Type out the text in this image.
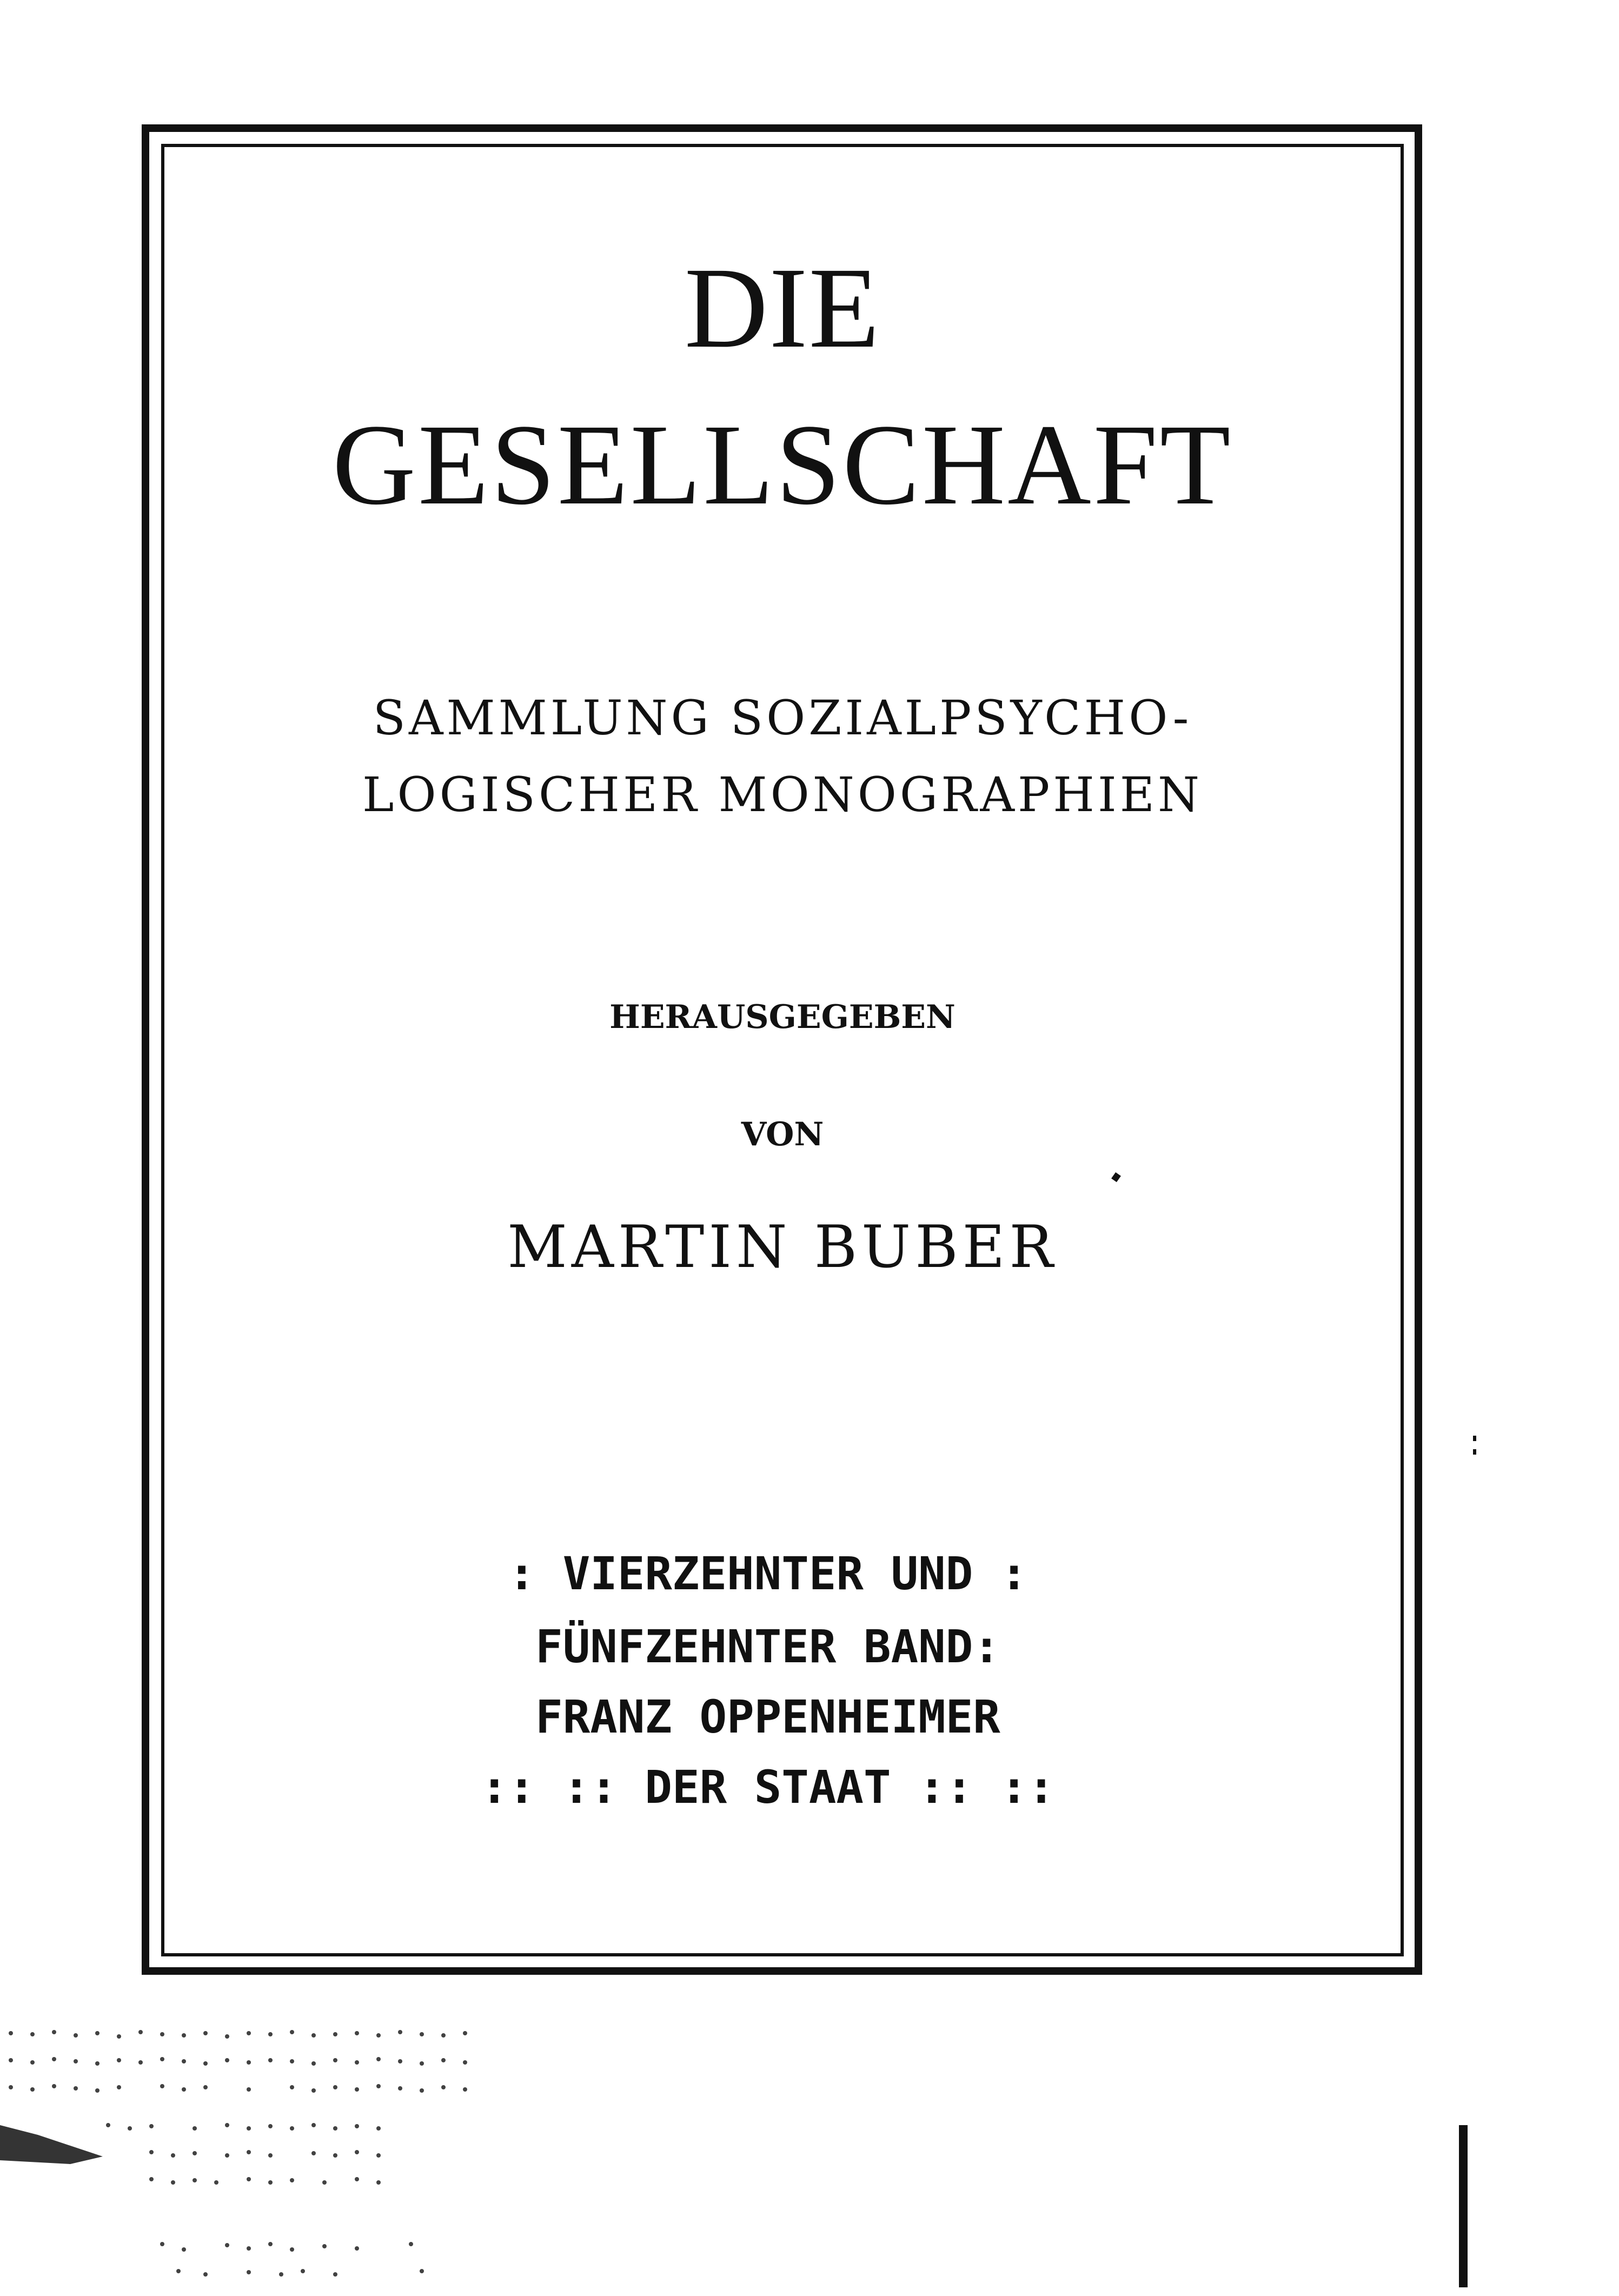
DIE
GESELLSCHAFT
SAMMLUNG SOZIALPSYCHO-
LOGISCHER MONOGRAPHIEN
HERAUSGEGEBEN
VON
MARTIN BUBER
: VIERZEHNTER UND :
FÜNFZEHNTER BAND:
FRANZ OPPENHEIMER
:: :: DER STAAT :: ::
